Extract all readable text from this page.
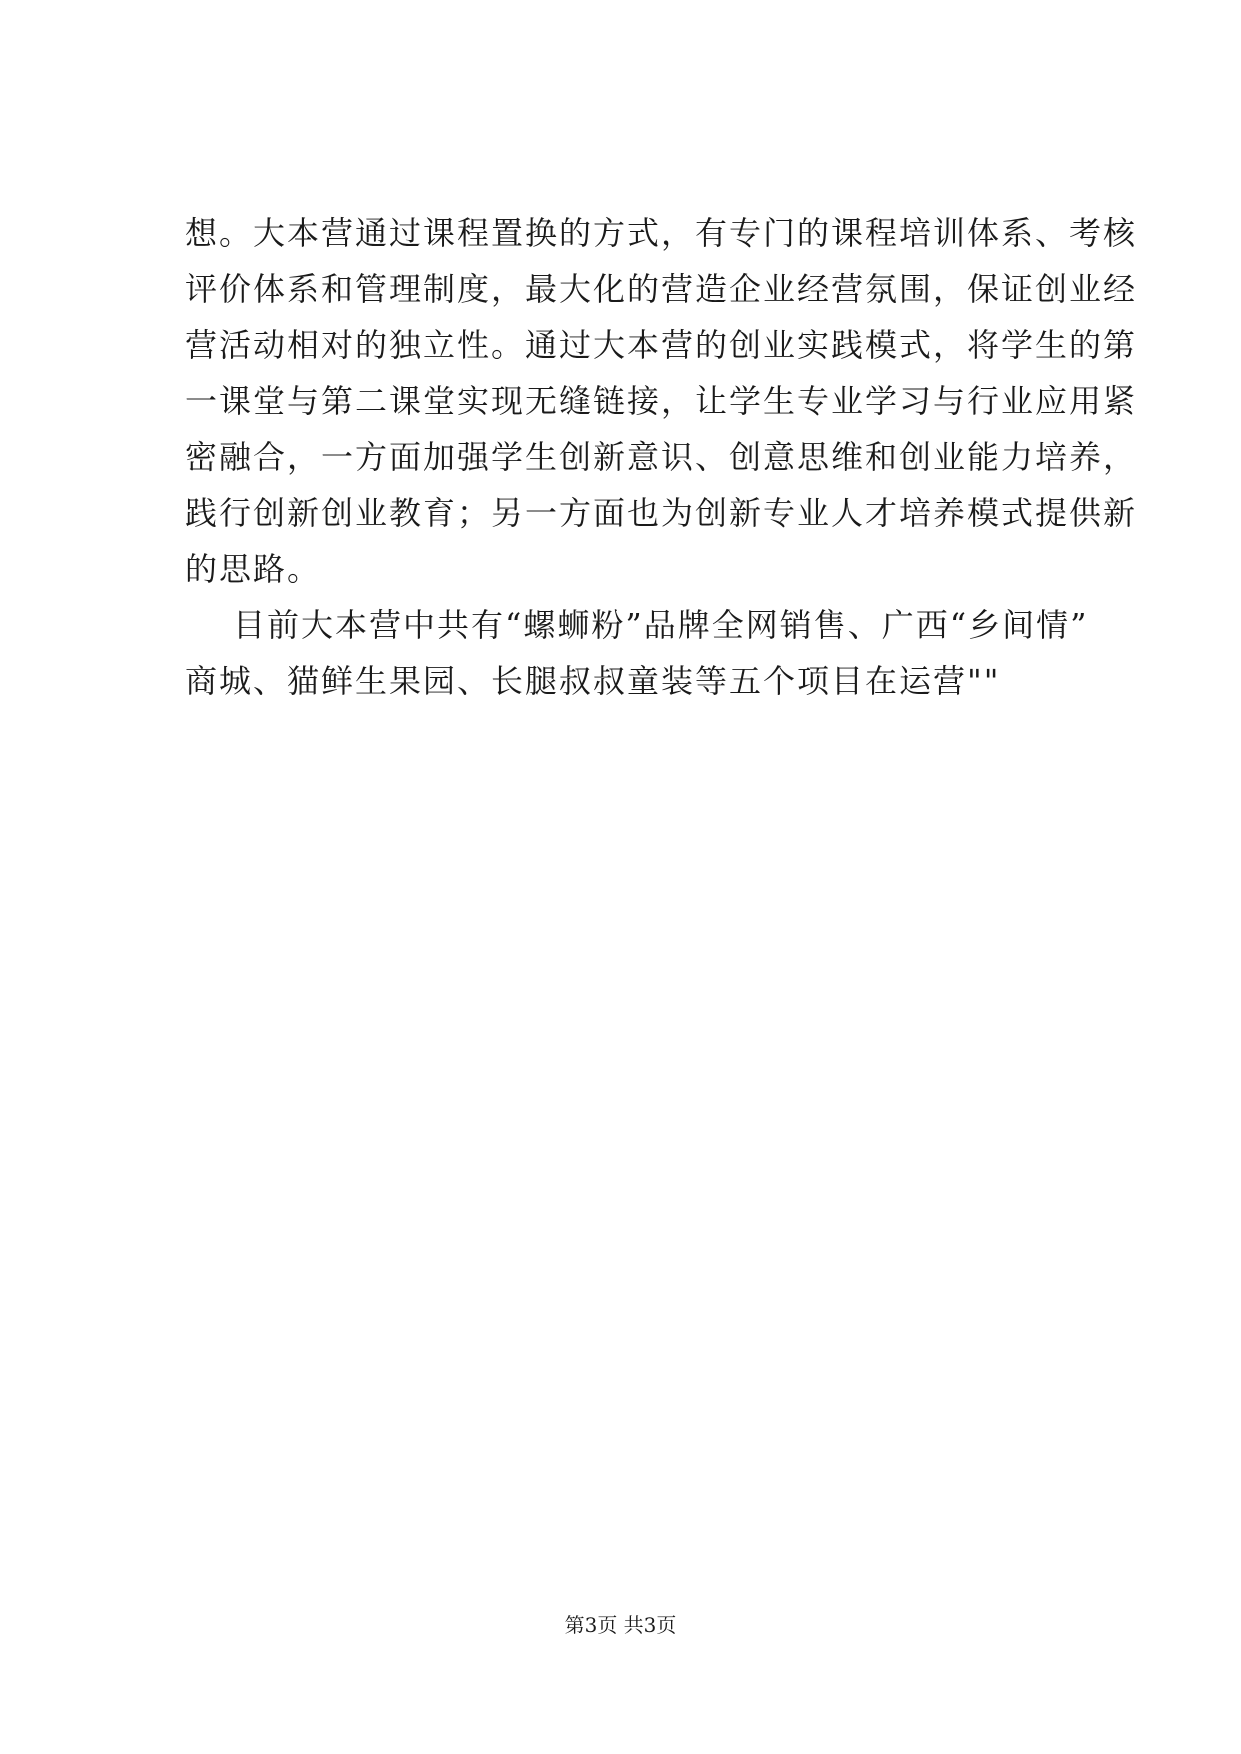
想。大本营通过课程置换的方式，有专门的课程培训体系、考核
评价体系和管理制度，最大化的营造企业经营氛围，保证创业经
营活动相对的独立性。通过大本营的创业实践模式，将学生的第
一课堂与第二课堂实现无缝链接，让学生专业学习与行业应用紧
密融合，一方面加强学生创新意识、创意思维和创业能力培养，
践行创新创业教育；另一方面也为创新专业人才培养模式提供新
的思路。
目前大本营中共有“螺蛳粉”品牌全网销售、广西“乡间情”
商城、猫鲜生果园、长腿叔叔童装等五个项目在运营""
第3页 共3页
